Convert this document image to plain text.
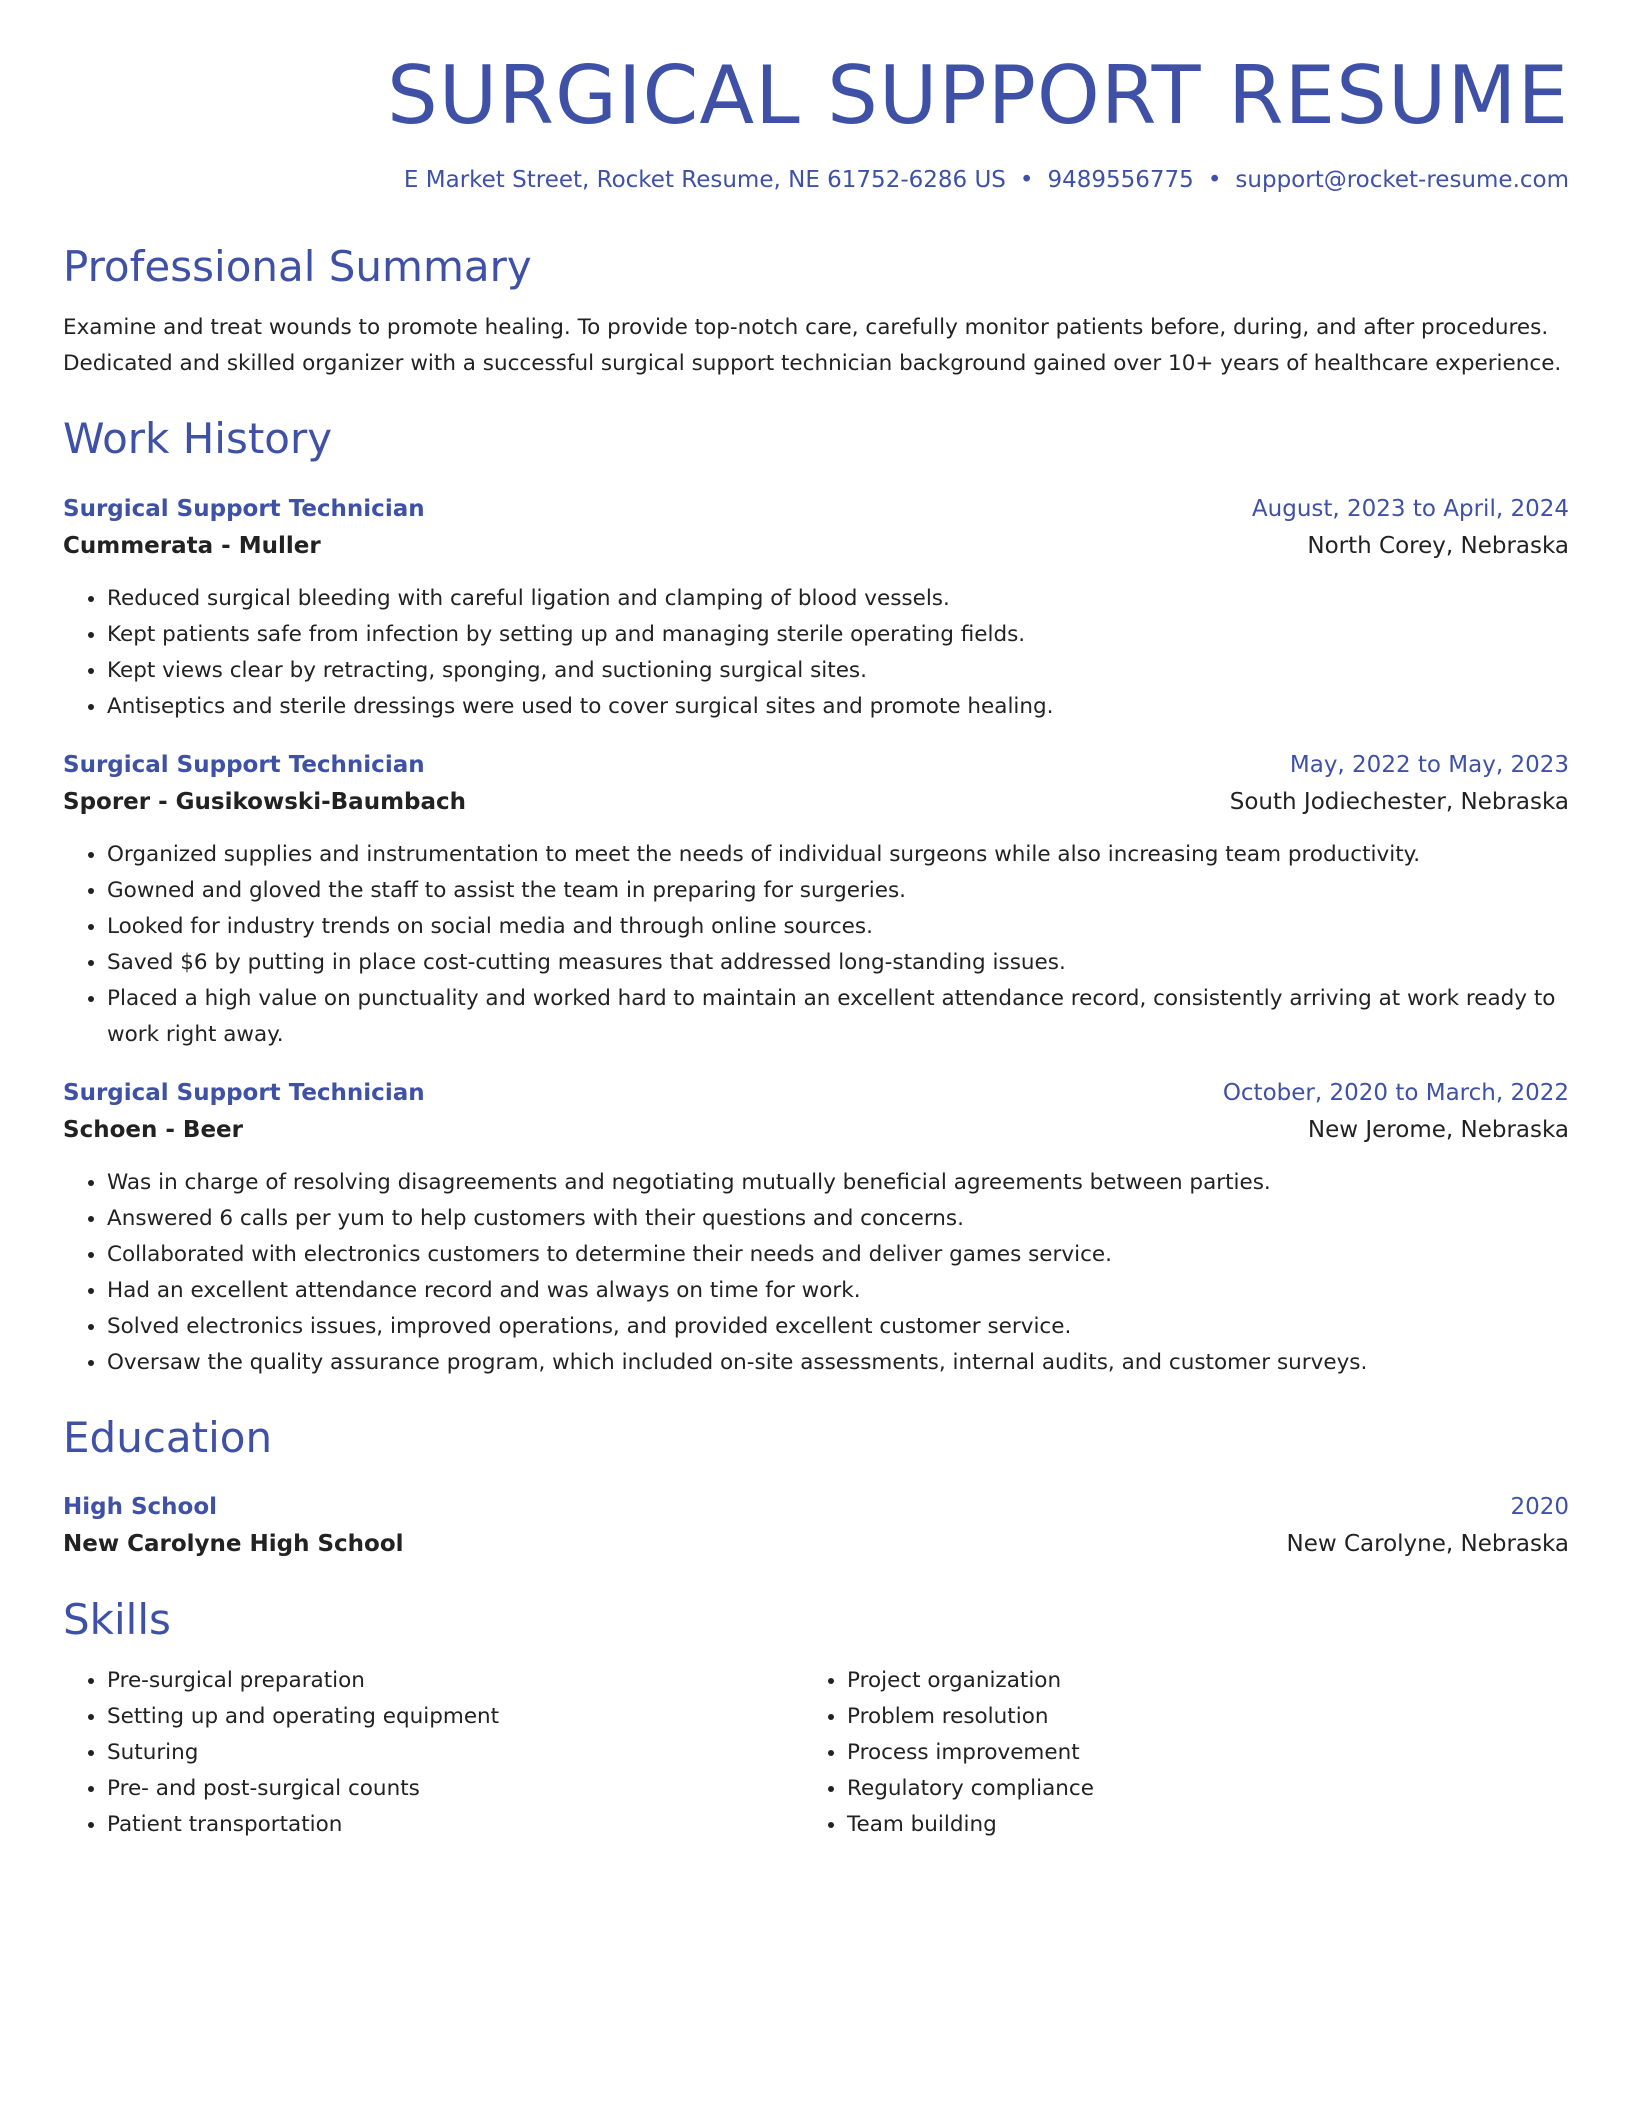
SURGICAL SUPPORT RESUME
E Market Street, Rocket Resume, NE 61752-6286 US • 9489556775 • support@rocket-resume.com
Professional Summary
Examine and treat wounds to promote healing. To provide top-notch care, carefully monitor patients before, during, and after procedures. Dedicated and skilled organizer with a successful surgical support technician background gained over 10+ years of healthcare experience.
Work History
Surgical Support Technician	August, 2023 to April, 2024
Cummerata - Muller	North Corey, Nebraska
• Reduced surgical bleeding with careful ligation and clamping of blood vessels.
• Kept patients safe from infection by setting up and managing sterile operating fields.
• Kept views clear by retracting, sponging, and suctioning surgical sites.
• Antiseptics and sterile dressings were used to cover surgical sites and promote healing.
Surgical Support Technician	May, 2022 to May, 2023
Sporer - Gusikowski-Baumbach	South Jodiechester, Nebraska
• Organized supplies and instrumentation to meet the needs of individual surgeons while also increasing team productivity.
• Gowned and gloved the staff to assist the team in preparing for surgeries.
• Looked for industry trends on social media and through online sources.
• Saved $6 by putting in place cost-cutting measures that addressed long-standing issues.
• Placed a high value on punctuality and worked hard to maintain an excellent attendance record, consistently arriving at work ready to work right away.
Surgical Support Technician	October, 2020 to March, 2022
Schoen - Beer	New Jerome, Nebraska
• Was in charge of resolving disagreements and negotiating mutually beneficial agreements between parties.
• Answered 6 calls per yum to help customers with their questions and concerns.
• Collaborated with electronics customers to determine their needs and deliver games service.
• Had an excellent attendance record and was always on time for work.
• Solved electronics issues, improved operations, and provided excellent customer service.
• Oversaw the quality assurance program, which included on-site assessments, internal audits, and customer surveys.
Education
High School	2020
New Carolyne High School	New Carolyne, Nebraska
Skills
• Pre-surgical preparation
• Setting up and operating equipment
• Suturing
• Pre- and post-surgical counts
• Patient transportation
• Project organization
• Problem resolution
• Process improvement
• Regulatory compliance
• Team building
